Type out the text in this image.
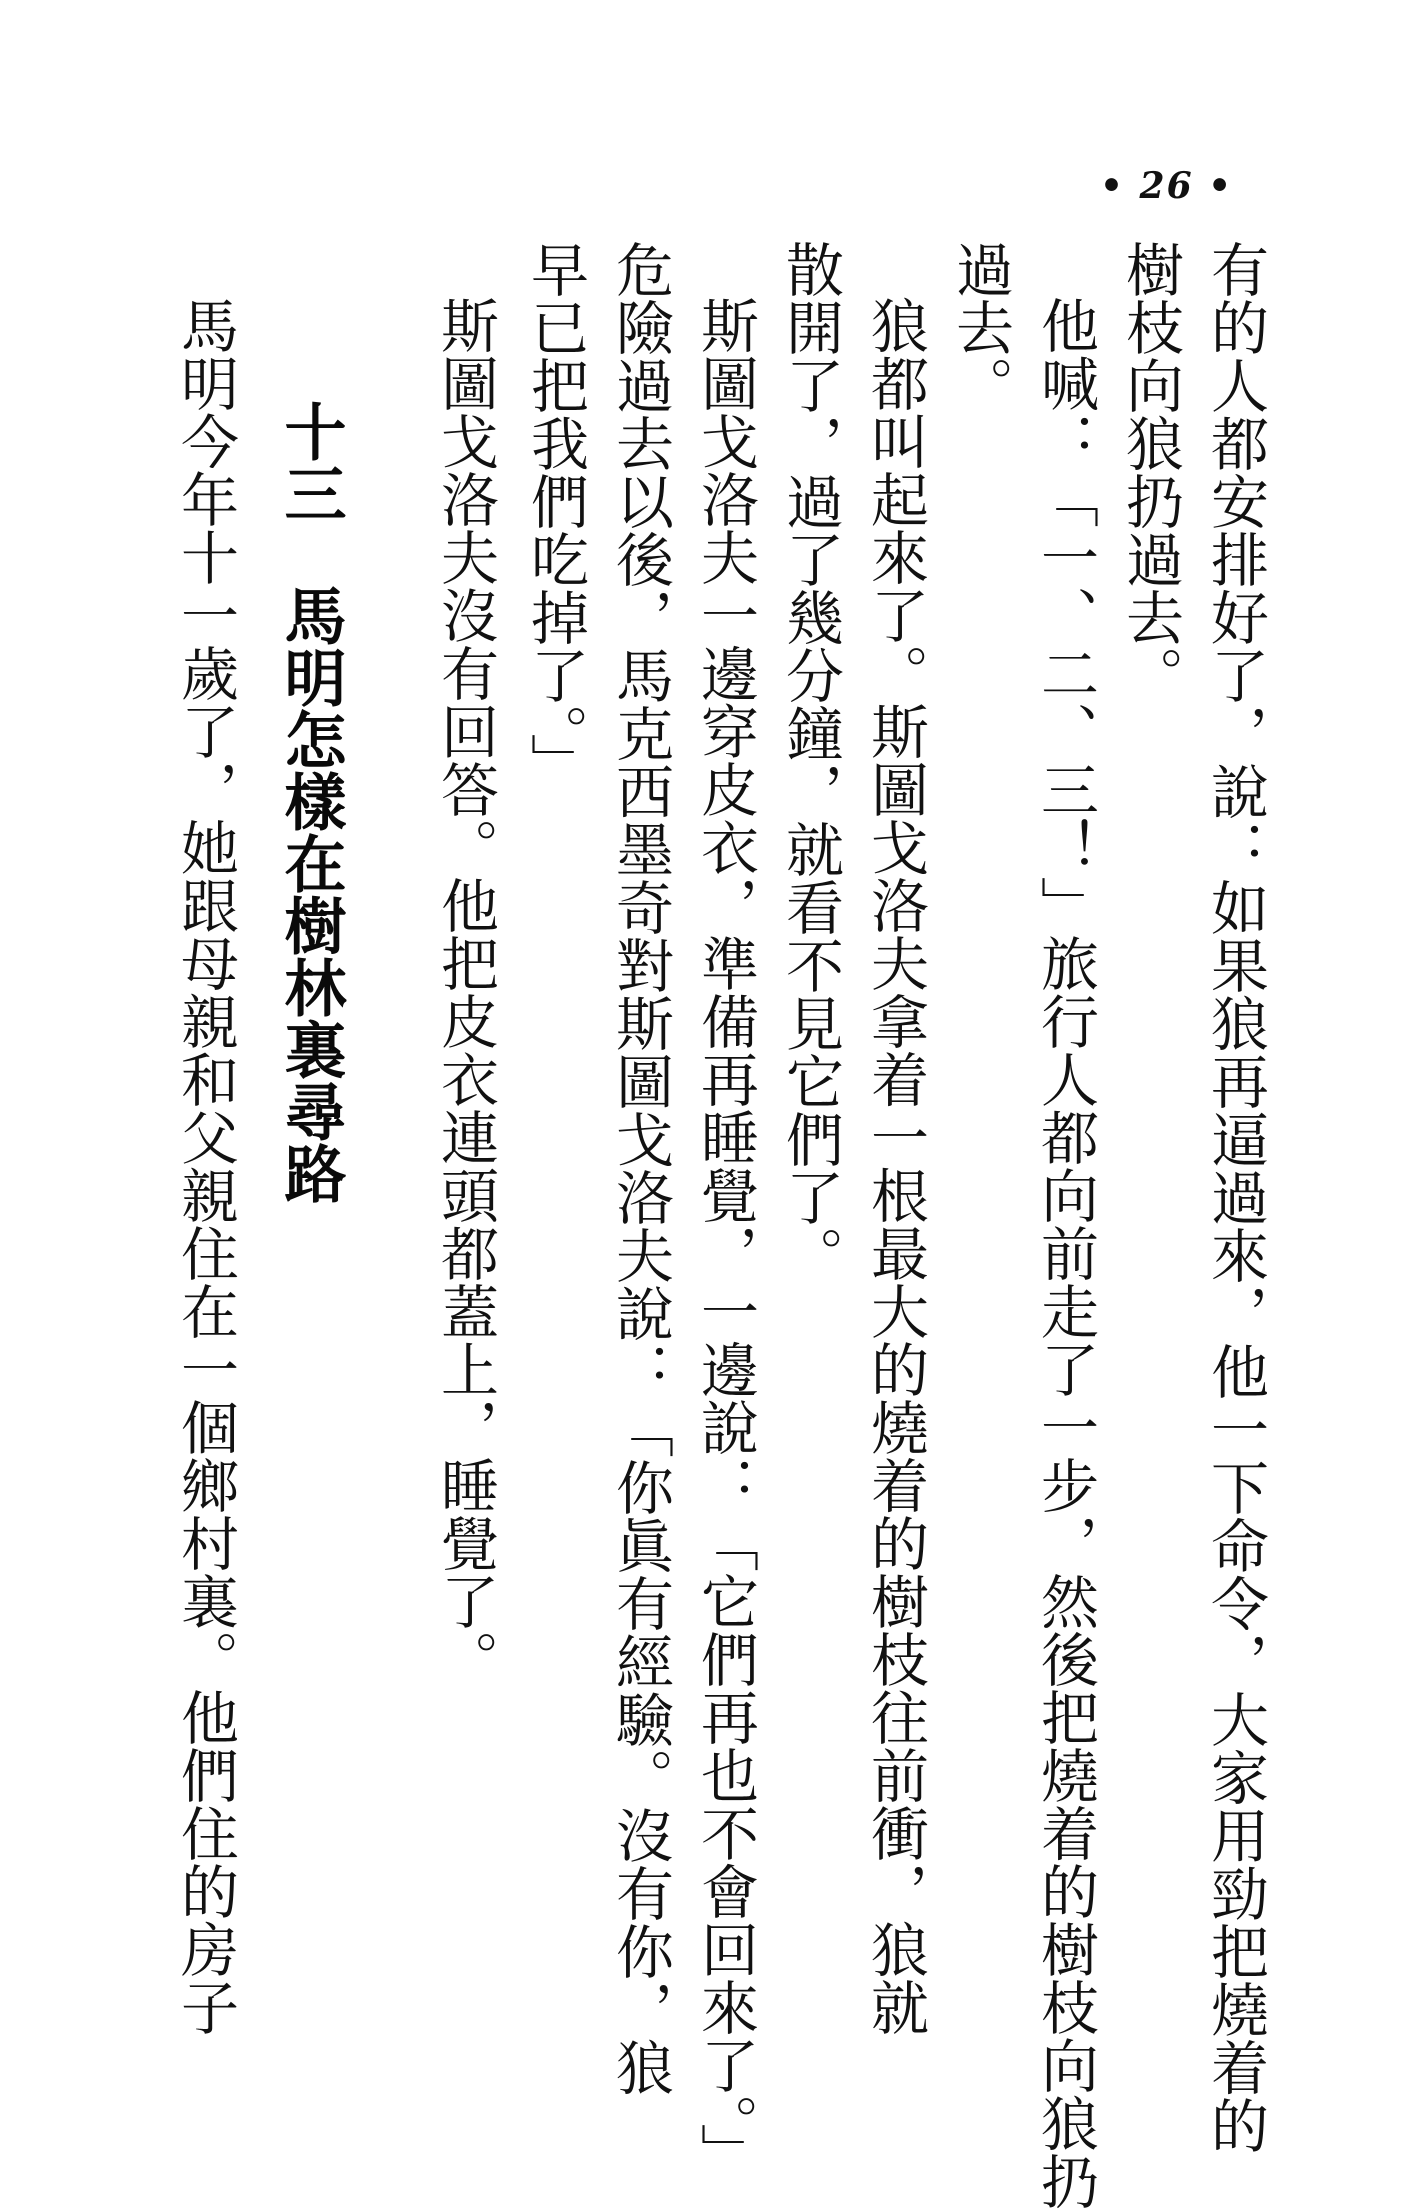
• 26 •
有的人都安排好了，說：如果狼再逼過來，他一下命令，大家用勁把燒着的
樹枝向狼扔過去。
他喊：「一、二、三！」旅行人都向前走了一步，然後把燒着的樹枝向狼扔
過去。
狼都叫起來了。斯圖戈洛夫拿着一根最大的燒着的樹枝往前衝，狼就
散開了，過了幾分鐘，就看不見它們了。
斯圖戈洛夫一邊穿皮衣，準備再睡覺，一邊說：「它們再也不會回來了。」
危險過去以後，馬克西墨奇對斯圖戈洛夫說：「你眞有經驗。沒有你，狼
早已把我們吃掉了。」
斯圖戈洛夫沒有回答。他把皮衣連頭都蓋上，睡覺了。
十三馬明怎樣在樹林裏尋路
馬明今年十一歲了，她跟母親和父親住在一個鄉村裏。他們住的房子
